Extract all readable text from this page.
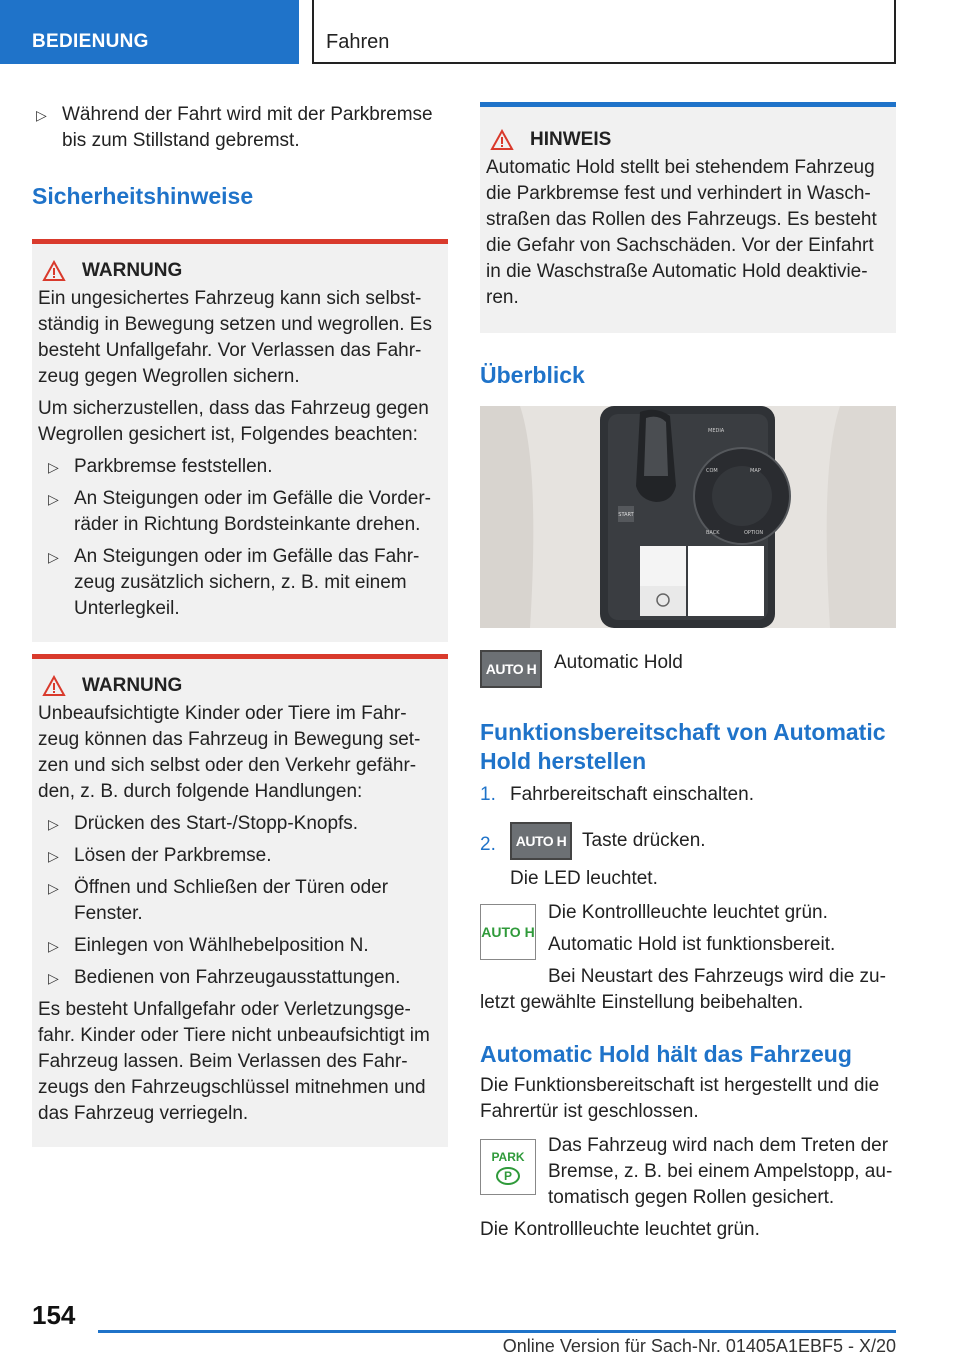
BEDIENUNG	Fahren
▷ Während der Fahrt wird mit der Parkbremse bis zum Stillstand gebremst.
Sicherheitshinweise
WARNUNG

Ein ungesichertes Fahrzeug kann sich selbst-ständig in Bewegung setzen und wegrollen. Es besteht Unfallgefahr. Vor Verlassen das Fahr-zeug gegen Wegrollen sichern.

Um sicherzustellen, dass das Fahrzeug gegen Wegrollen gesichert ist, Folgendes beachten:

▷ Parkbremse feststellen.
▷ An Steigungen oder im Gefälle die Vorder-räder in Richtung Bordsteinkante drehen.
▷ An Steigungen oder im Gefälle das Fahr-zeug zusätzlich sichern, z. B. mit einem Unterlegkeil.
WARNUNG

Unbeaufsichtigte Kinder oder Tiere im Fahr-zeug können das Fahrzeug in Bewegung set-zen und sich selbst oder den Verkehr gefähr-den, z. B. durch folgende Handlungen:

▷ Drücken des Start-/Stopp-Knopfs.
▷ Lösen der Parkbremse.
▷ Öffnen und Schließen der Türen oder Fenster.
▷ Einlegen von Wählhebelposition N.
▷ Bedienen von Fahrzeugausstattungen.

Es besteht Unfallgefahr oder Verletzungsge-fahr. Kinder oder Tiere nicht unbeaufsichtigt im Fahrzeug lassen. Beim Verlassen des Fahr-zeugs den Fahrzeugschlüssel mitnehmen und das Fahrzeug verriegeln.

HINWEIS

Automatic Hold stellt bei stehendem Fahrzeug die Parkbremse fest und verhindert in Wasch-straßen das Rollen des Fahrzeugs. Es besteht die Gefahr von Sachschäden. Vor der Einfahrt in die Waschstraße Automatic Hold deaktivie-ren.

Überblick
START
MEDIA
COM	MAP
BACK	OPTION
AUTO H Automatic Hold
Funktionsbereitschaft von Automatic Hold herstellen
1. Fahrbereitschaft einschalten.
2.	AUTO H Taste drücken.
Die LED leuchtet.
AUTO H
Die Kontrollleuchte leuchtet grün.
Automatic Hold ist funktionsbereit.
Bei Neustart des Fahrzeugs wird die zu-
letzt gewählte Einstellung beibehalten.
Automatic Hold hält das Fahrzeug

Die Funktionsbereitschaft ist hergestellt und die Fahrertür ist geschlossen.

PARK
P
Das Fahrzeug wird nach dem Treten der Bremse, z. B. bei einem Ampelstopp, au-tomatisch gegen Rollen gesichert.

Die Kontrollleuchte leuchtet grün.

154
Online Version für Sach-Nr. 01405A1EBF5 - X/20
